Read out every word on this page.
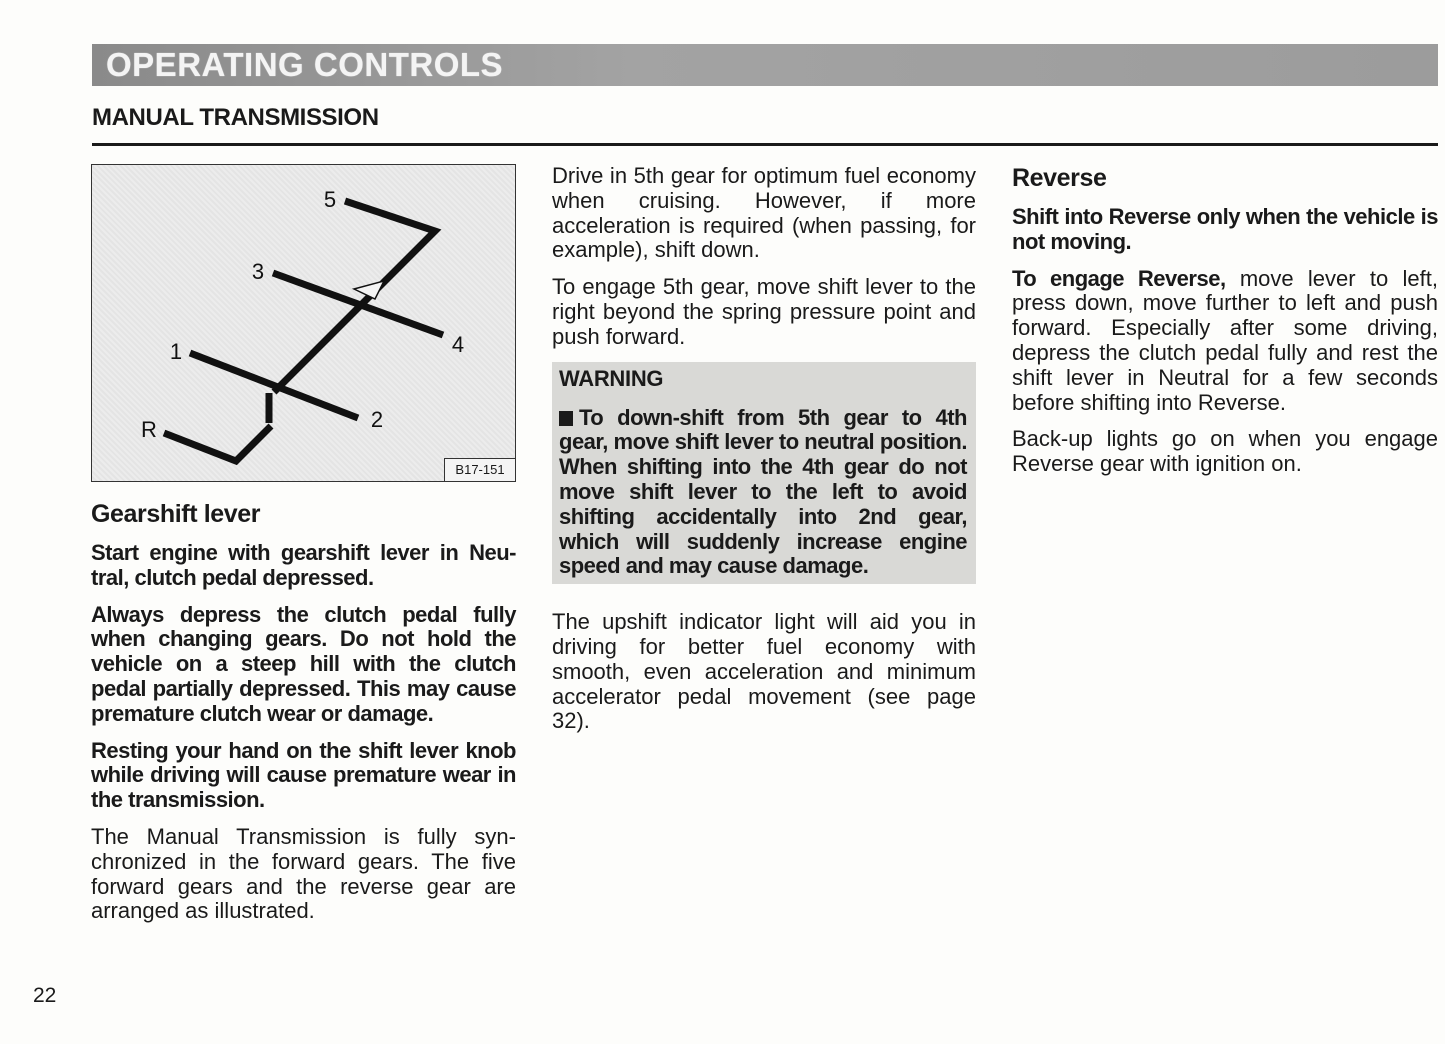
OPERATING CONTROLS
MANUAL TRANSMISSION
5
3
1
R
4
2
B17-151
Gearshift lever

Start engine with gearshift lever in Neu-tral, clutch pedal depressed.

Always depress the clutch pedal fully when changing gears. Do not hold the vehicle on a steep hill with the clutch pedal partially depressed. This may cause premature clutch wear or damage.

Resting your hand on the shift lever knob while driving will cause premature wear in the transmission.

The Manual Transmission is fully syn-chronized in the forward gears. The five forward gears and the reverse gear are arranged as illustrated.

Drive in 5th gear for optimum fuel economy when cruising. However, if more acceleration is required (when passing, for example), shift down.

To engage 5th gear, move shift lever to the right beyond the spring pressure point and push forward.

WARNING

To down-shift from 5th gear to 4th gear, move shift lever to neutral position. When shifting into the 4th gear do not move shift lever to the left to avoid shifting accidentally into 2nd gear, which will suddenly increase engine speed and may cause damage.

The upshift indicator light will aid you in driving for better fuel economy with smooth, even acceleration and minimum accelerator pedal movement (see page 32).

Reverse

Shift into Reverse only when the vehicle is not moving.

To engage Reverse, move lever to left, press down, move further to left and push forward. Especially after some driving, depress the clutch pedal fully and rest the shift lever in Neutral for a few seconds before shifting into Reverse.

Back-up lights go on when you engage Reverse gear with ignition on.

22
